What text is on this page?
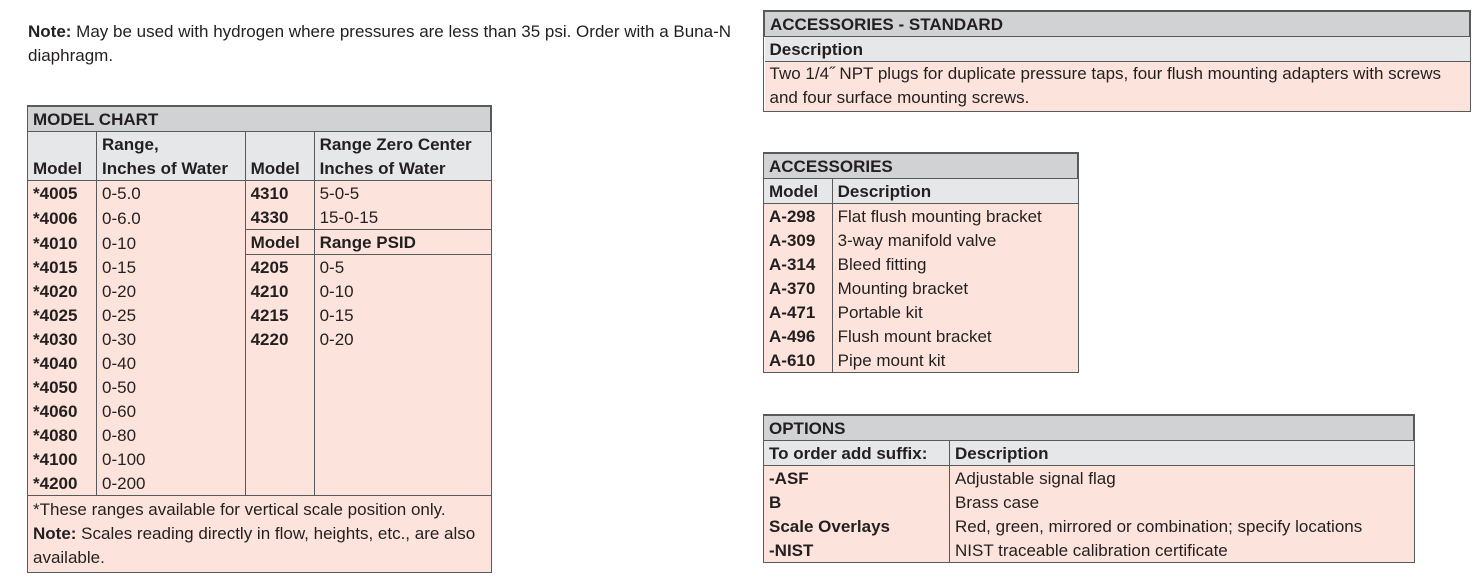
Note: May be used with hydrogen where pressures are less than 35 psi. Order with a Buna-N diaphragm.
MODEL CHART			
	Range,		Range Zero Center
Model	Inches of Water	Model	Inches of Water
*4005	0-5.0	4310	5-0-5
*4006	0-6.0	4330	15-0-15
*4010	0-10	Model	Range PSID
*4015	0-15	4205	0-5
*4020	0-20	4210	0-10
*4025	0-25	4215	0-15
*4030	0-30	4220	0-20
*4040	0-40		
*4050	0-50		
*4060	0-60		
*4080	0-80		
*4100	0-100		
*4200	0-200		
*These ranges available for vertical scale position only. Note: Scales reading directly in flow, heights, etc., are also available.			
ACCESSORIES - STANDARD
Description
Two 1/4˝ NPT plugs for duplicate pressure taps, four flush mounting adapters with screws and four surface mounting screws.
ACCESSORIES	
Model	Description
A-298	Flat flush mounting bracket
A-309	3-way manifold valve
A-314	Bleed fitting
A-370	Mounting bracket
A-471	Portable kit
A-496	Flush mount bracket
A-610	Pipe mount kit
OPTIONS	
To order add suffix:	Description
-ASF	Adjustable signal flag
B	Brass case
Scale Overlays	Red, green, mirrored or combination; specify locations
-NIST	NIST traceable calibration certificate
